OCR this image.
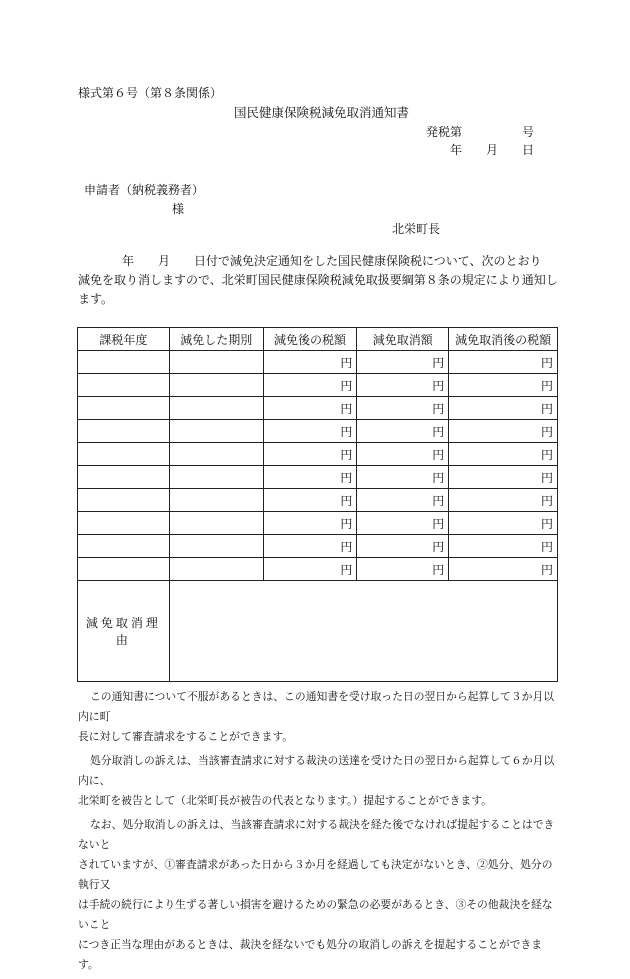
様式第６号（第８条関係）
国民健康保険税減免取消通知書
発税第	号
年　　月　　日
申請者（納税義務者）
様
北栄町長
年　　月　　日付で減免決定通知をした国民健康保険税について、次のとおり
減免を取り消しますので、北栄町国民健康保険税減免取扱要綱第８条の規定により通知し
ます。
課税年度	減免した期別	減免後の税額	減免取消額	減免取消後の税額
		円	円	円
		円	円	円
		円	円	円
		円	円	円
		円	円	円
		円	円	円
		円	円	円
		円	円	円
		円	円	円
		円	円	円
減免取消理由				

この通知書について不服があるときは、この通知書を受け取った日の翌日から起算して３か月以内に町
長に対して審査請求をすることができます。

処分取消しの訴えは、当該審査請求に対する裁決の送達を受けた日の翌日から起算して６か月以内に、
北栄町を被告として（北栄町長が被告の代表となります。）提起することができます。

なお、処分取消しの訴えは、当該審査請求に対する裁決を経た後でなければ提起することはできないと
されていますが、①審査請求があった日から３か月を経過しても決定がないとき、②処分、処分の執行又
は手続の続行により生ずる著しい損害を避けるための緊急の必要があるとき、③その他裁決を経ないこと
につき正当な理由があるときは、裁決を経ないでも処分の取消しの訴えを提起することができます。
